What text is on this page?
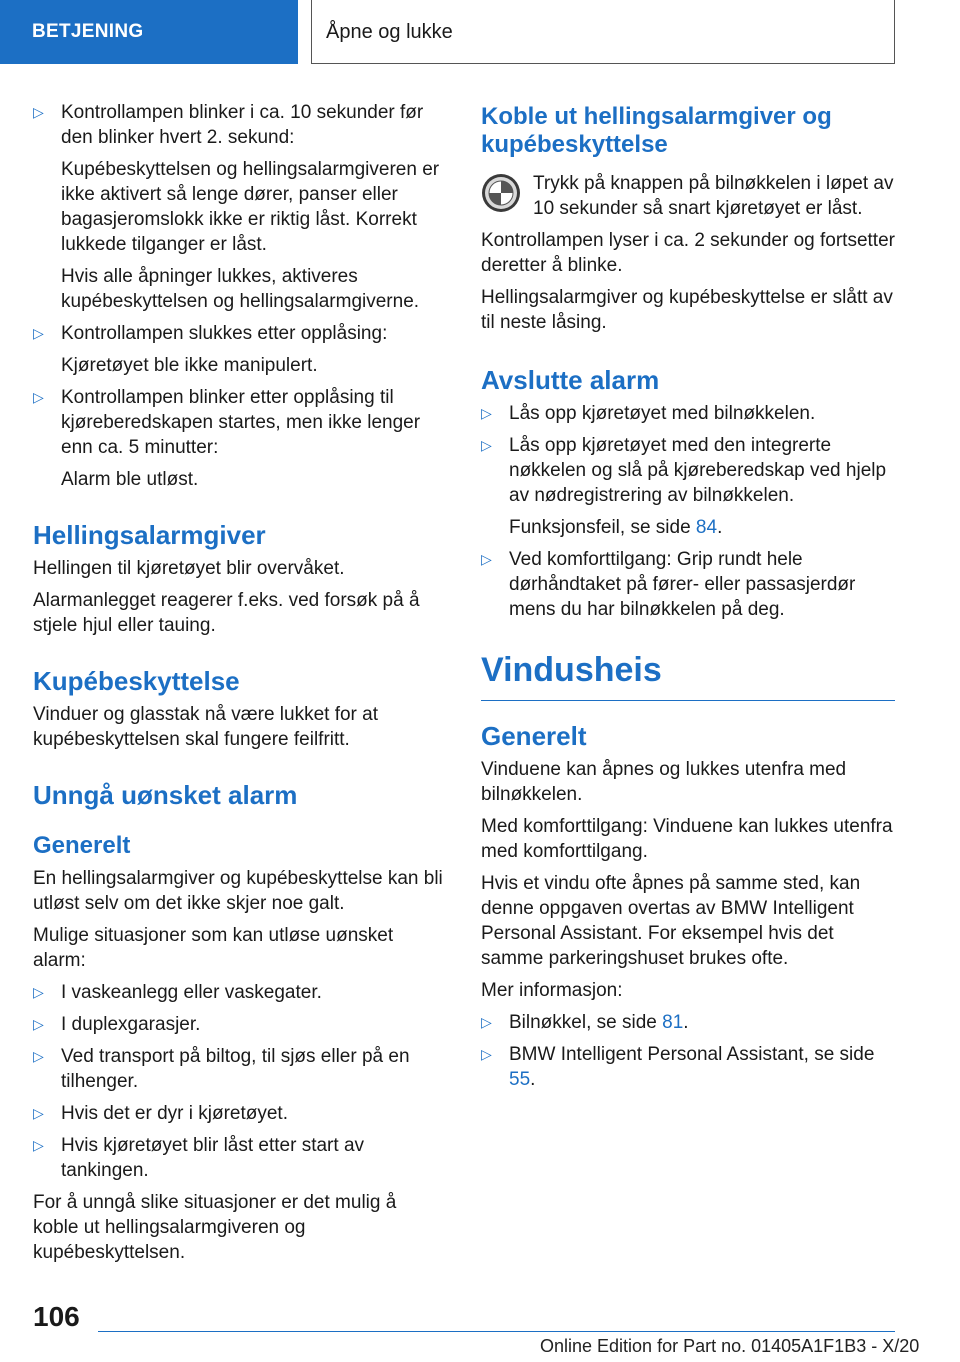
BETJENING	Åpne og lukke
▷ Kontrollampen blinker i ca. 10 sekunder før den blinker hvert 2. sekund:

Kupébeskyttelsen og hellingsalarmgiveren er ikke aktivert så lenge dører, panser eller bagasjeromslokk ikke er riktig låst. Korrekt lukkede tilganger er låst.

Hvis alle åpninger lukkes, aktiveres kupébeskyttelsen og hellingsalarmgiverne.

▷ Kontrollampen slukkes etter opplåsing:

Kjøretøyet ble ikke manipulert.

▷ Kontrollampen blinker etter opplåsing til kjøreberedskapen startes, men ikke lenger enn ca. 5 minutter:

Alarm ble utløst.

Hellingsalarmgiver

Hellingen til kjøretøyet blir overvåket.

Alarmanlegget reagerer f.eks. ved forsøk på å stjele hjul eller tauing.

Kupébeskyttelse

Vinduer og glasstak nå være lukket for at kupébeskyttelsen skal fungere feilfritt.

Unngå uønsket alarm
Generelt

En hellingsalarmgiver og kupébeskyttelse kan bli utløst selv om det ikke skjer noe galt.

Mulige situasjoner som kan utløse uønsket alarm:

▷ I vaskeanlegg eller vaskegater.
▷ I duplexgarasjer.
▷ Ved transport på biltog, til sjøs eller på en tilhenger.
▷ Hvis det er dyr i kjøretøyet.
▷ Hvis kjøretøyet blir låst etter start av tankingen.

For å unngå slike situasjoner er det mulig å koble ut hellingsalarmgiveren og kupébeskyttelsen.

Koble ut hellingsalarmgiver og kupébeskyttelse

Trykk på knappen på bilnøkkelen i løpet av 10 sekunder så snart kjøretøyet er låst.

Kontrollampen lyser i ca. 2 sekunder og fortsetter deretter å blinke.

Hellingsalarmgiver og kupébeskyttelse er slått av til neste låsing.

Avslutte alarm
▷ Lås opp kjøretøyet med bilnøkkelen.
▷ Lås opp kjøretøyet med den integrerte nøkkelen og slå på kjøreberedskap ved hjelp av nødregistrering av bilnøkkelen.

Funksjonsfeil, se side 84.

▷ Ved komforttilgang: Grip rundt hele dørhåndtaket på fører- eller passasjerdør mens du har bilnøkkelen på deg.
Vindusheis
Generelt

Vinduene kan åpnes og lukkes utenfra med bilnøkkelen.

Med komforttilgang: Vinduene kan lukkes utenfra med komforttilgang.

Hvis et vindu ofte åpnes på samme sted, kan denne oppgaven overtas av BMW Intelligent Personal Assistant. For eksempel hvis det samme parkeringshuset brukes ofte.

Mer informasjon:

▷ Bilnøkkel, se side 81.
▷ BMW Intelligent Personal Assistant, se side 55.
106
Online Edition for Part no. 01405A1F1B3 - X/20
